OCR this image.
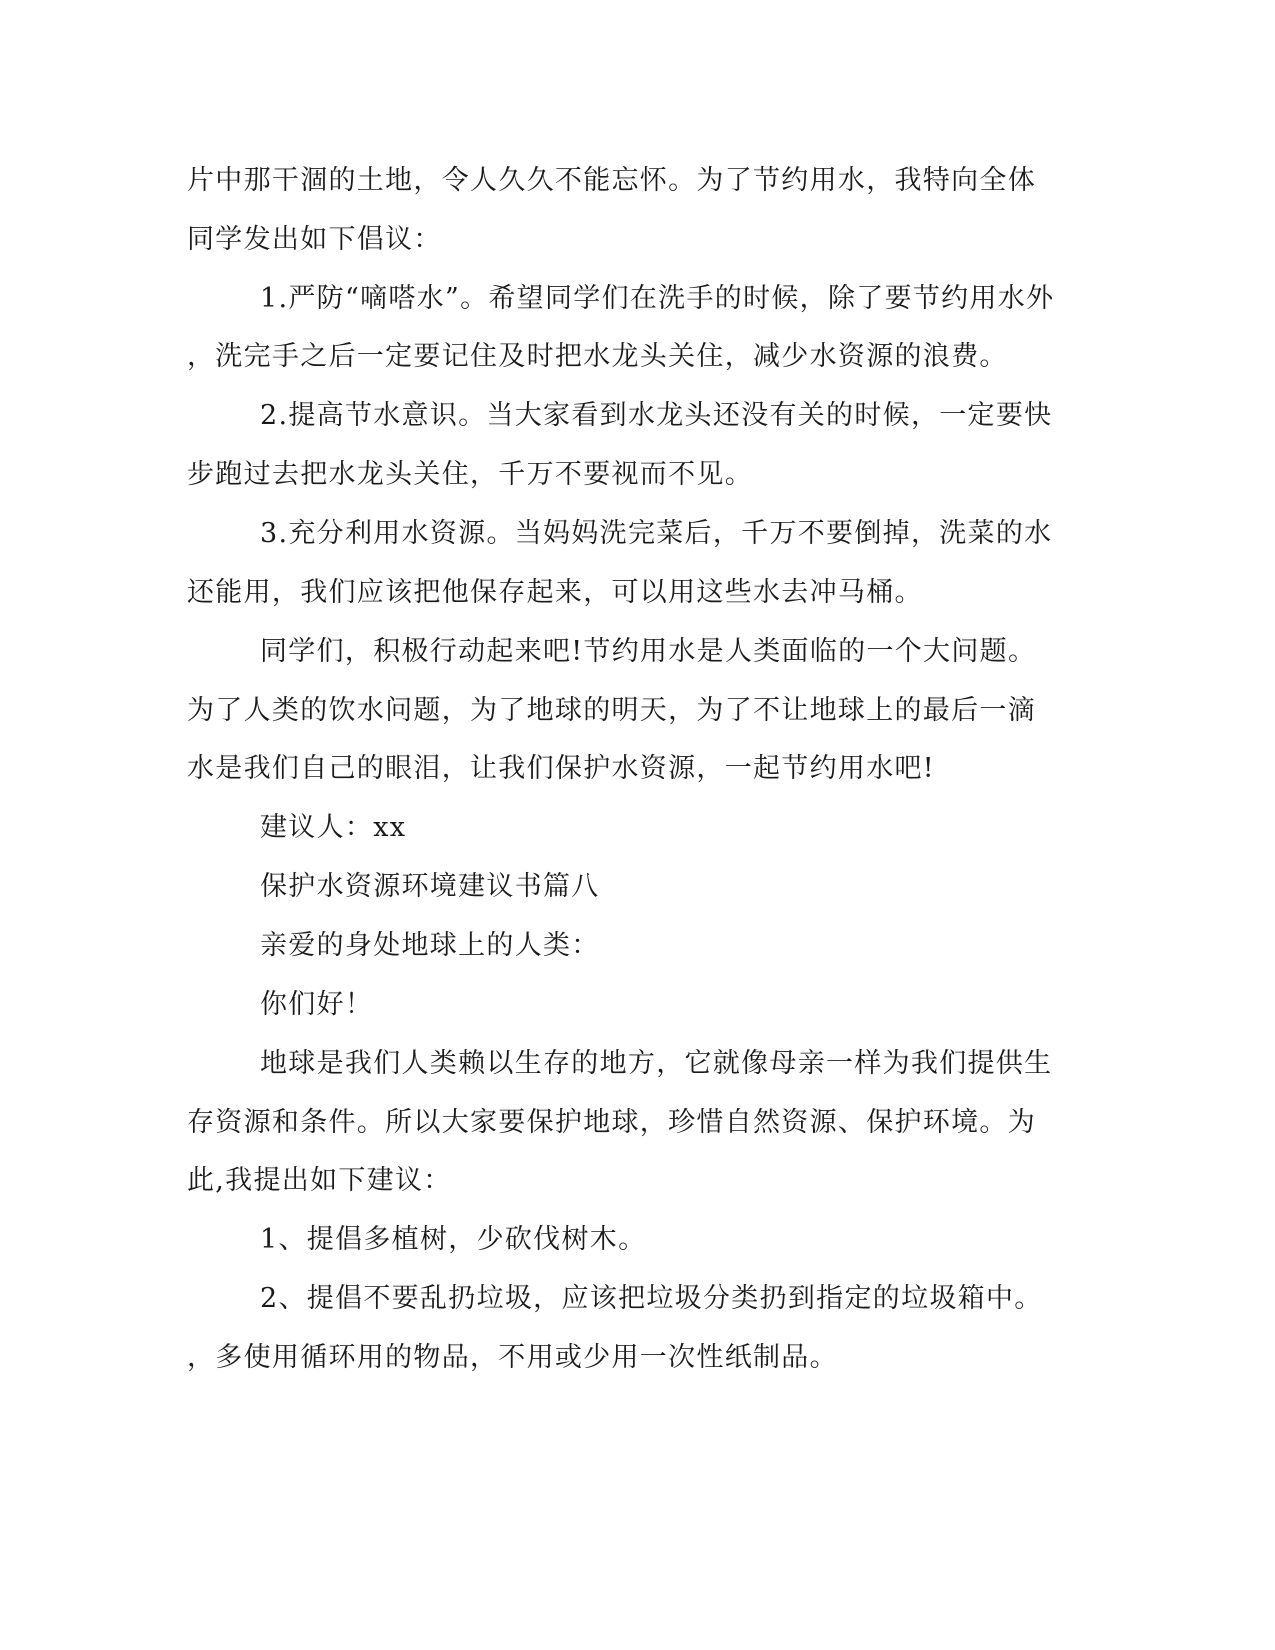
片中那干涸的土地，令人久久不能忘怀。为了节约用水，我特向全体
同学发出如下倡议：
1.严防“嘀嗒水”。希望同学们在洗手的时候，除了要节约用水外
，洗完手之后一定要记住及时把水龙头关住，减少水资源的浪费。
2.提高节水意识。当大家看到水龙头还没有关的时候，一定要快
步跑过去把水龙头关住，千万不要视而不见。
3.充分利用水资源。当妈妈洗完菜后，千万不要倒掉，洗菜的水
还能用，我们应该把他保存起来，可以用这些水去冲马桶。
同学们，积极行动起来吧!节约用水是人类面临的一个大问题。
为了人类的饮水问题，为了地球的明天，为了不让地球上的最后一滴
水是我们自己的眼泪，让我们保护水资源，一起节约用水吧!
建议人：xx
保护水资源环境建议书篇八
亲爱的身处地球上的人类：
你们好！
地球是我们人类赖以生存的地方，它就像母亲一样为我们提供生
存资源和条件。所以大家要保护地球，珍惜自然资源、保护环境。为
此,我提出如下建议：
1、提倡多植树，少砍伐树木。
2、提倡不要乱扔垃圾，应该把垃圾分类扔到指定的垃圾箱中。
，多使用循环用的物品，不用或少用一次性纸制品。
